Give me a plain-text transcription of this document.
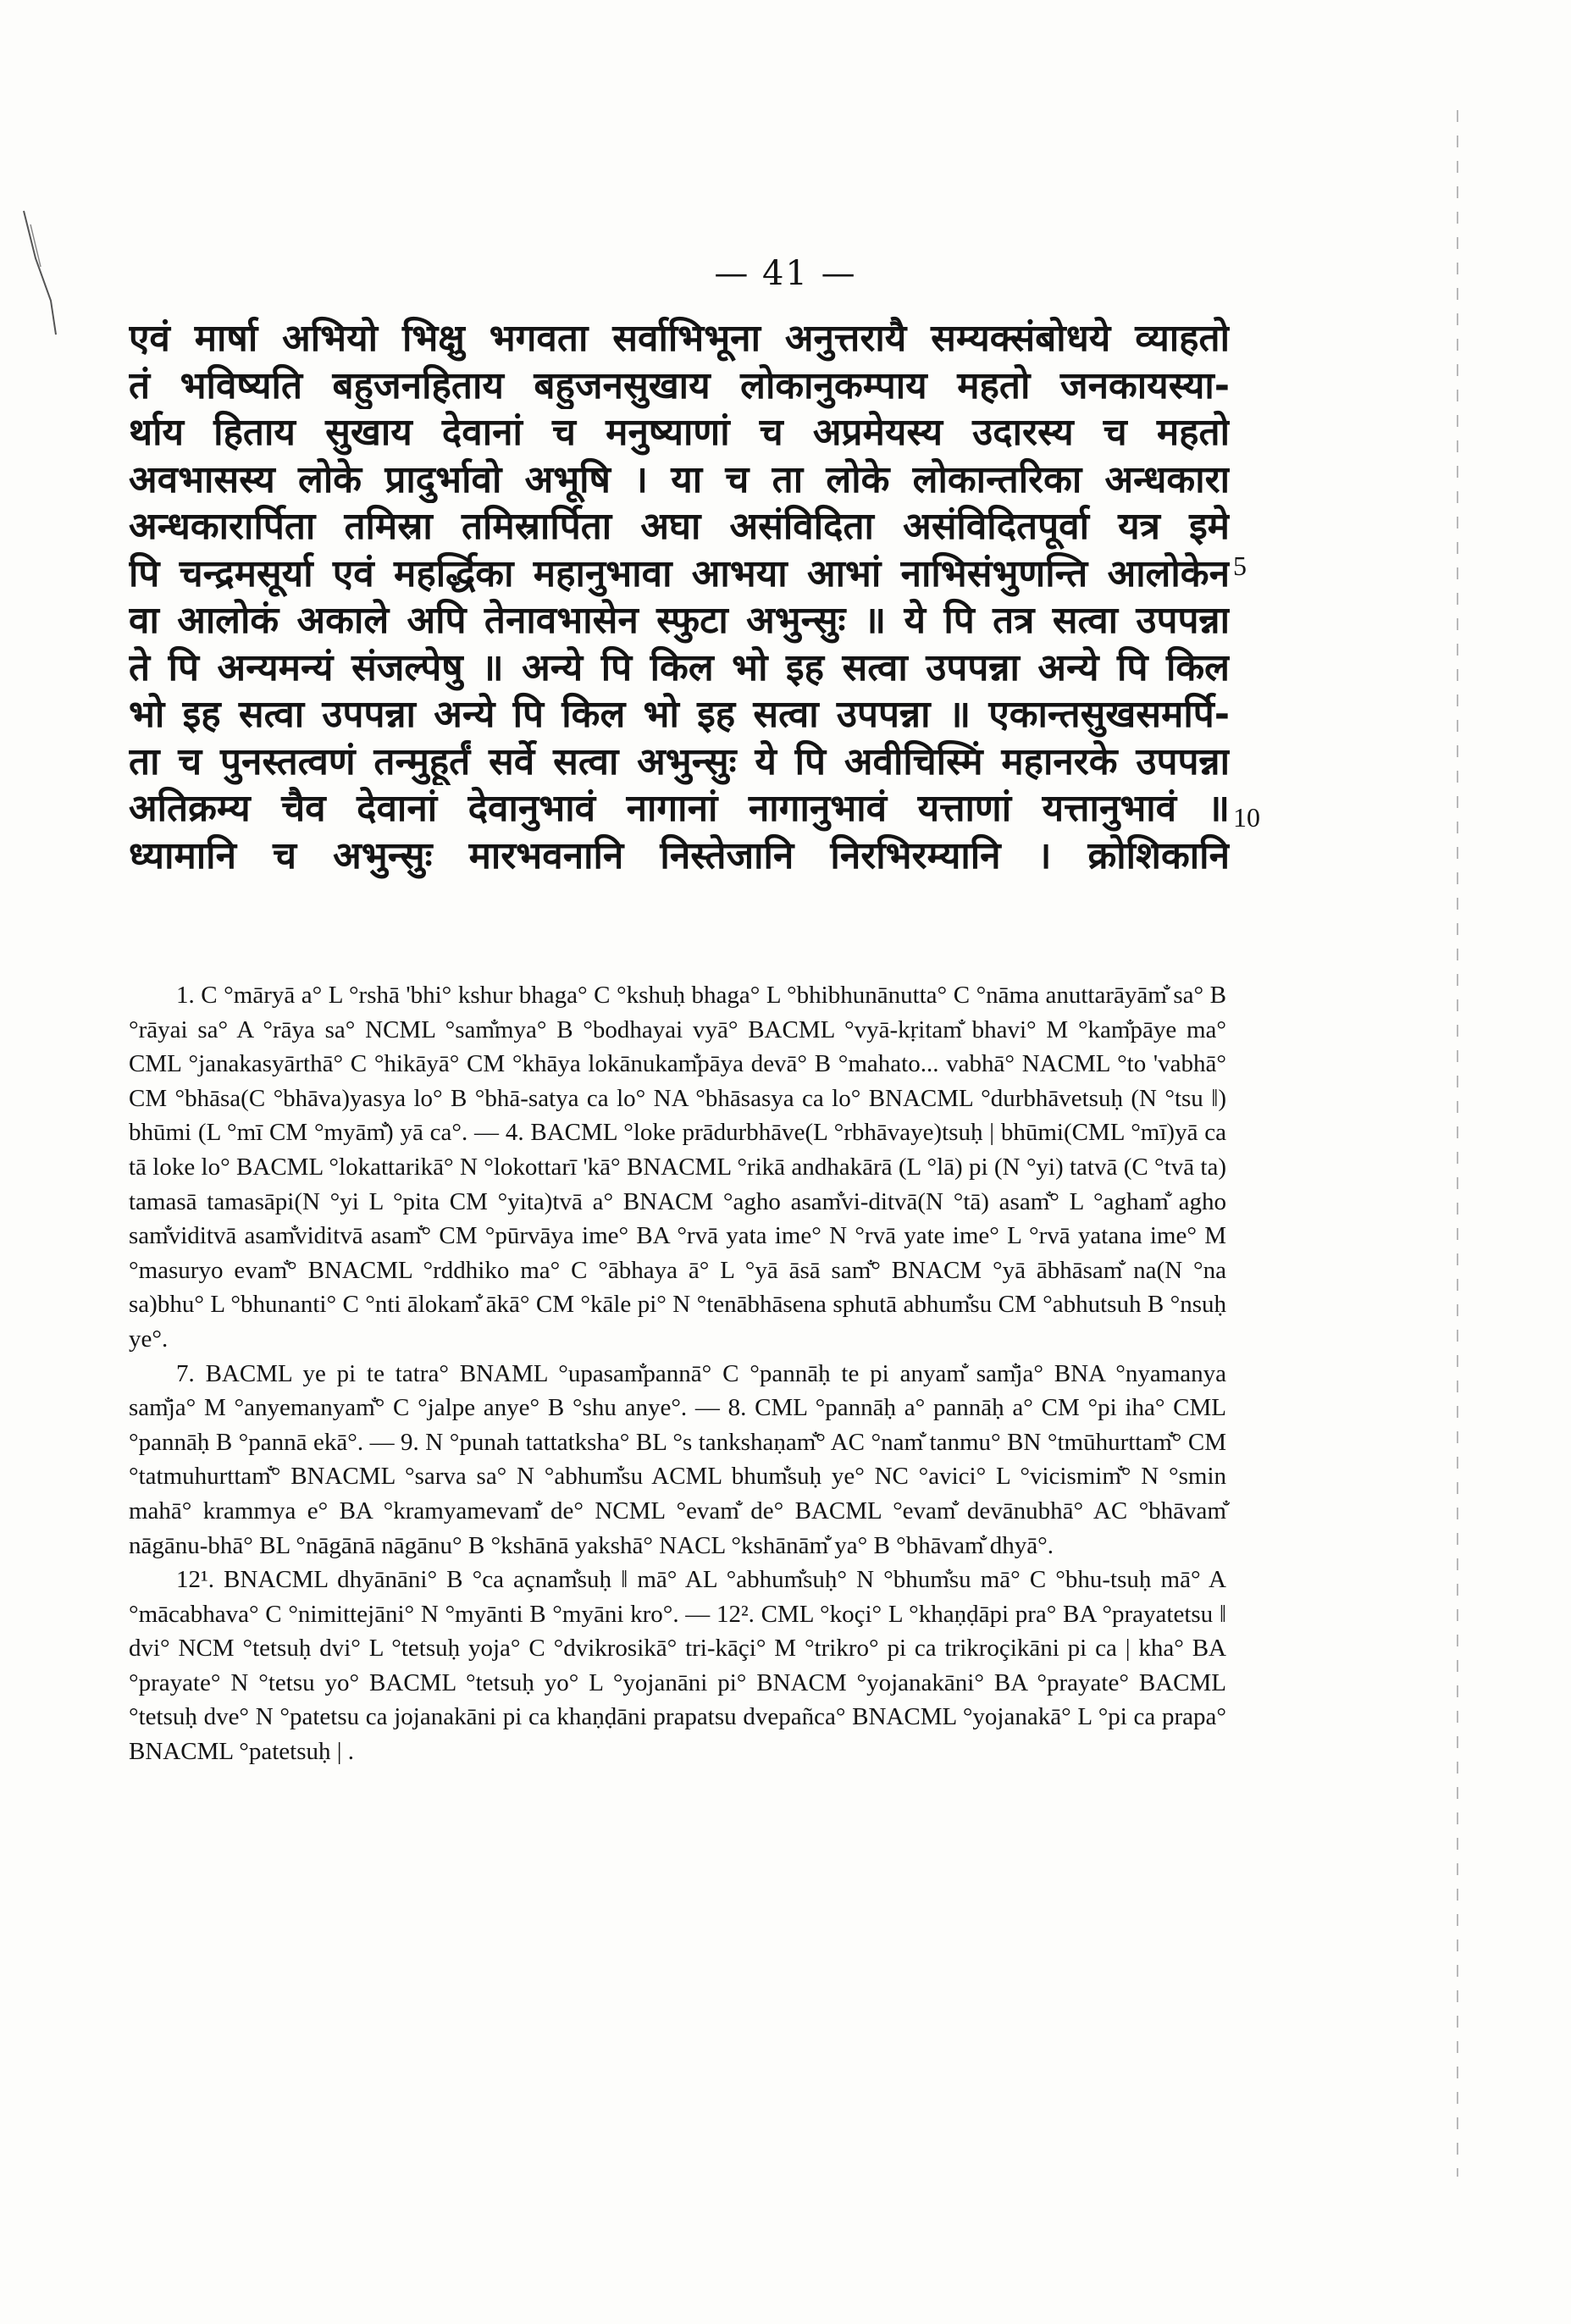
— 41 —
एवं मार्षा अभियो भिक्षु भगवता सर्वाभिभूना अनुत्तरायै सम्यक्संबोधये व्याहतो
तं भविष्यति बहुजनहिताय बहुजनसुखाय लोकानुकम्पाय महतो जनकायस्या-
र्थाय हिताय सुखाय देवानां च मनुष्याणां च अप्रमेयस्य उदारस्य च महतो
अवभासस्य लोके प्रादुर्भावो अभूषि । या च ता लोके लोकान्तरिका अन्धकारा
अन्धकारार्पिता तमिस्रा तमिस्रार्पिता अघा असंविदिता असंविदितपूर्वा यत्र इमे
पि चन्द्रमसूर्या एवं महर्द्धिका महानुभावा आभया आभां नाभिसंभुणन्ति आलोकेन
वा आलोकं अकाले अपि तेनावभासेन स्फुटा अभुन्सुः ॥ ये पि तत्र सत्वा उपपन्ना
ते पि अन्यमन्यं संजल्पेषु ॥ अन्ये पि किल भो इह सत्वा उपपन्ना अन्ये पि किल
भो इह सत्वा उपपन्ना अन्ये पि किल भो इह सत्वा उपपन्ना ॥ एकान्तसुखसमर्पि-
ता च पुनस्तत्वणं तन्मुहूर्तं सर्वे सत्वा अभुन्सुः ये पि अवीचिस्मिं महानरके उपपन्ना
अतिक्रम्य चैव देवानां देवानुभावं नागानां नागानुभावं यत्ताणां यत्तानुभावं ॥
ध्यामानि च अभुन्सुः मारभवनानि निस्तेजानि निरभिरम्यानि । क्रोशिकानि
5
10

1. C °māryā a° L °rshā 'bhi° kshur bhaga° C °kshuḥ bhaga° L °bhibhunānutta° C °nāma anuttarāyām̐ sa° B °rāyai sa° A °rāya sa° NCML °sam̐mya° B °bodhayai vyā° BACML °vyā-kṛitam̐ bhavi° M °kam̐pāye ma° CML °janakasyārthā° C °hikāyā° CM °khāya lokānukam̐pāya devā° B °mahato... vabhā° NACML °to 'vabhā° CM °bhāsa(C °bhāva)yasya lo° B °bhā-satya ca lo° NA °bhāsasya ca lo° BNACML °durbhāvetsuḥ (N °tsu ‖) bhūmi (L °mī CM °myām̐) yā ca°. — 4. BACML °loke prādurbhāve(L °rbhāvaye)tsuḥ | bhūmi(CML °mī)yā ca tā loke lo° BACML °lokattarikā° N °lokottarī 'kā° BNACML °rikā andhakārā (L °lā) pi (N °yi) tatvā (C °tvā ta) tamasā tamasāpi(N °yi L °pita CM °yita)tvā a° BNACM °agho asam̐vi-ditvā(N °tā) asam̐° L °agham̐ agho sam̐viditvā asam̐viditvā asam̐° CM °pūrvāya ime° BA °rvā yata ime° N °rvā yate ime° L °rvā yatana ime° M °masuryo evam̐° BNACML °rddhiko ma° C °ābhaya ā° L °yā āsā sam̐° BNACM °yā ābhāsam̐ na(N °na sa)bhu° L °bhunanti° C °nti ālokam̐ ākā° CM °kāle pi° N °tenābhāsena sphutā abhum̐su CM °abhutsuh B °nsuḥ ye°.

7. BACML ye pi te tatra° BNAML °upasam̐pannā° C °pannāḥ te pi anyam̐ sam̐ja° BNA °nyamanya sam̐ja° M °anyemanyam̐° C °jalpe anye° B °shu anye°. — 8. CML °pannāḥ a° pannāḥ a° CM °pi iha° CML °pannāḥ B °pannā ekā°. — 9. N °punah tattatksha° BL °s tankshaṇam̐° AC °nam̐ tanmu° BN °tmūhurttam̐° CM °tatmuhurttam̐° BNACML °sarva sa° N °abhum̐su ACML bhum̐suḥ ye° NC °avici° L °vicismim̐° N °smin mahā° krammya e° BA °kramyamevam̐ de° NCML °evam̐ de° BACML °evam̐ devānubhā° AC °bhāvam̐ nāgānu-bhā° BL °nāgānā nāgānu° B °kshānā yakshā° NACL °kshānām̐ ya° B °bhāvam̐ dhyā°.

12¹. BNACML dhyānāni° B °ca açnam̐suḥ ‖ mā° AL °abhum̐suḥ° N °bhum̐su mā° C °bhu-tsuḥ mā° A °mācabhava° C °nimittejāni° N °myānti B °myāni kro°. — 12². CML °koçi° L °khaṇḍāpi pra° BA °prayatetsu ‖ dvi° NCM °tetsuḥ dvi° L °tetsuḥ yoja° C °dvikrosikā° tri-kāçi° M °trikro° pi ca trikroçikāni pi ca | kha° BA °prayate° N °tetsu yo° BACML °tetsuḥ yo° L °yojanāni pi° BNACM °yojanakāni° BA °prayate° BACML °tetsuḥ dve° N °patetsu ca jojanakāni pi ca khaṇḍāni prapatsu dvepañca° BNACML °yojanakā° L °pi ca prapa° BNACML °patetsuḥ | .
